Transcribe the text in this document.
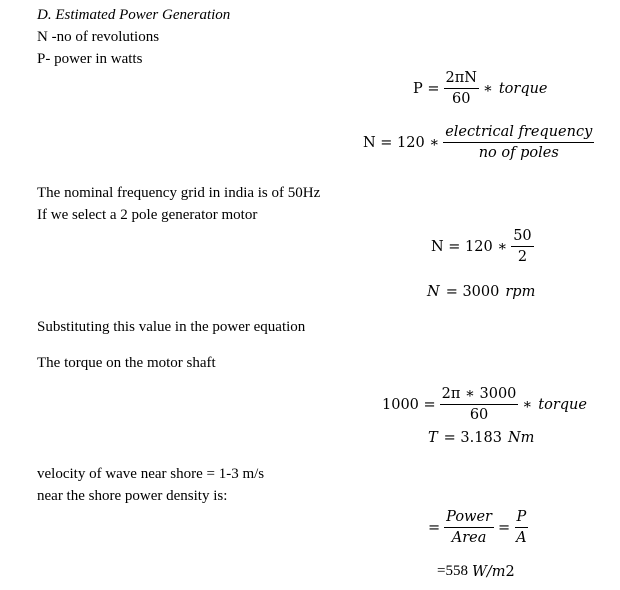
D. Estimated Power Generation
N -no of revolutions
P- power in watts
$P = \frac{2\pi N}{60}$ ∗ torque
N = 120 ∗ $\frac{\text{electrical frequency}}{\text{no of poles}}$
The nominal frequency grid in india is of 50Hz
If we select a 2 pole generator motor
N = 120 ∗ $\frac{50}{2}$
N = 3000 rpm
Substituting this value in the power equation
The torque on the motor shaft
$1000 = \frac{2\pi ∗ 3000}{60}$ ∗ torque
T = 3.183 Nm
velocity of wave near shore = 1-3 m/s
near the shore power density is:
= $\frac{\text{Power}}{\text{Area}} = \frac{P}{A}$
=558 W/m 2
